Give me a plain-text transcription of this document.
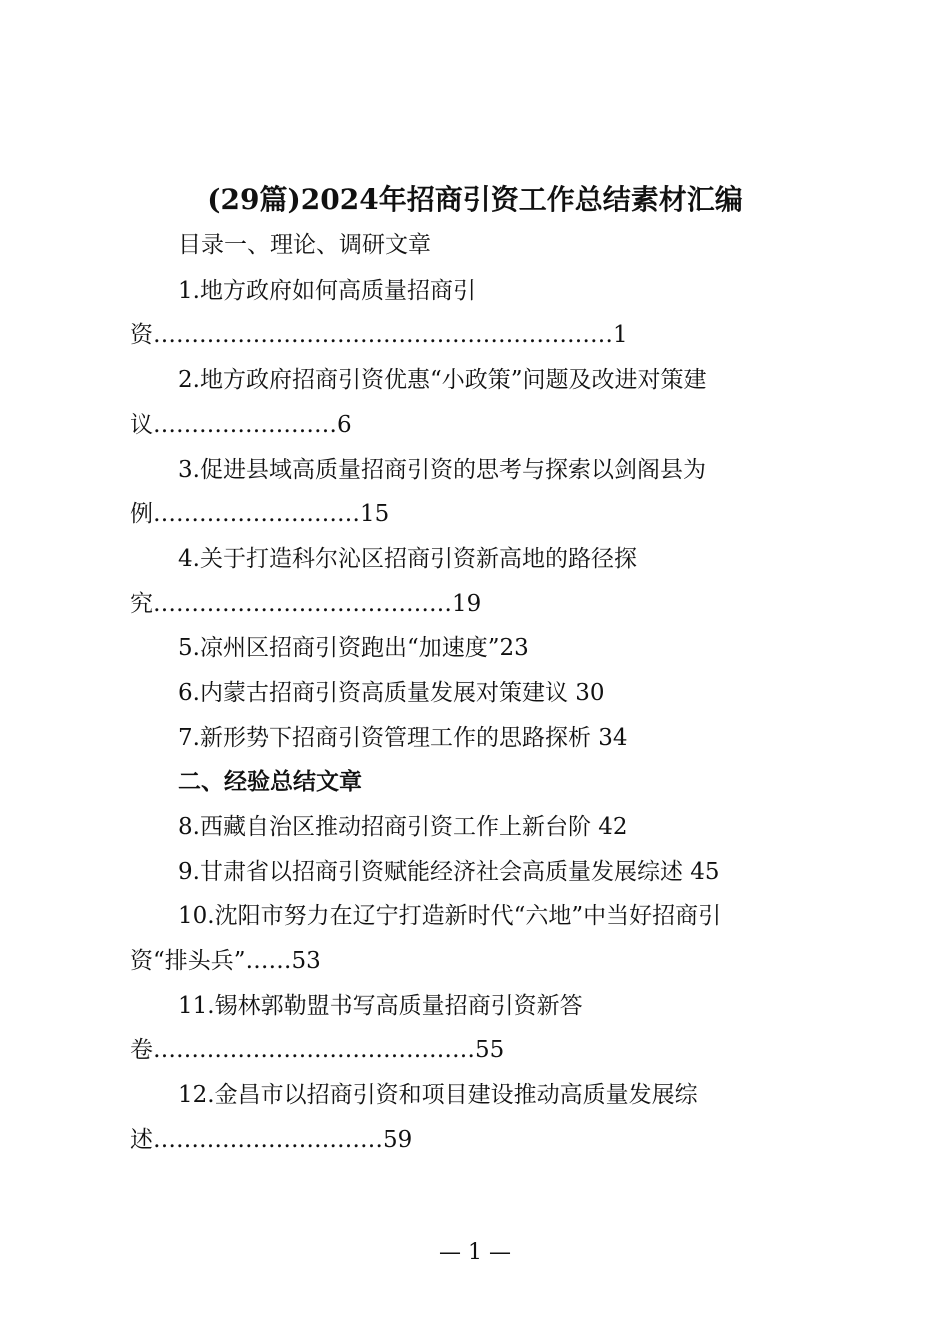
(29篇)2024年招商引资工作总结素材汇编
目录一、理论、调研文章
1.地方政府如何高质量招商引
资……………………………………………………1
2.地方政府招商引资优惠“小政策”问题及改进对策建
议……………………6
3.促进县域高质量招商引资的思考与探索以剑阁县为
例………………………15
4.关于打造科尔沁区招商引资新高地的路径探
究…………………………………19
5.凉州区招商引资跑出“加速度”23
6.内蒙古招商引资高质量发展对策建议 30
7.新形势下招商引资管理工作的思路探析 34
二、经验总结文章
8.西藏自治区推动招商引资工作上新台阶 42
9.甘肃省以招商引资赋能经济社会高质量发展综述 45
10.沈阳市努力在辽宁打造新时代“六地”中当好招商引
资“排头兵”……53
11.锡林郭勒盟书写高质量招商引资新答
卷……………………………………55
12.金昌市以招商引资和项目建设推动高质量发展综
述…………………………59
— 1 —
